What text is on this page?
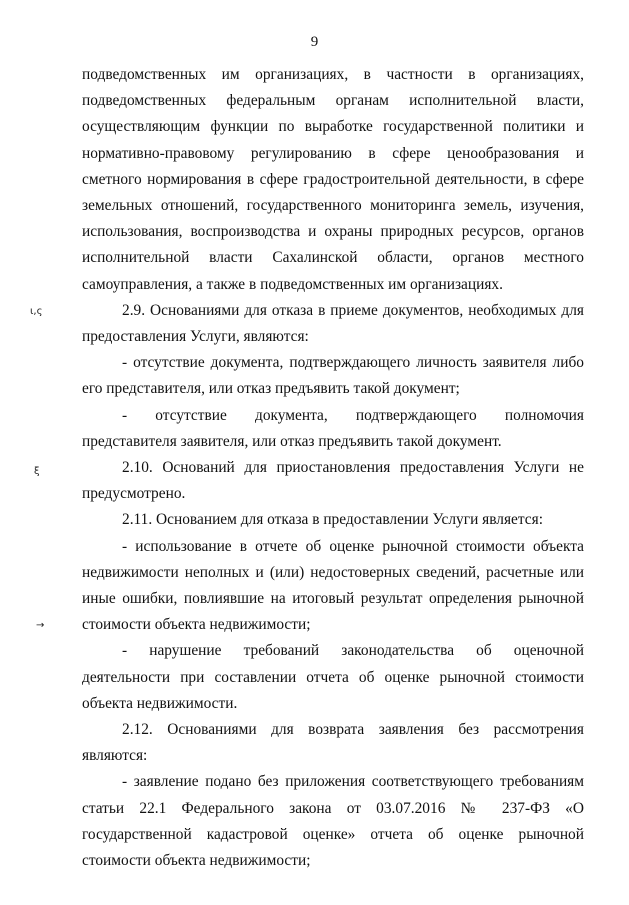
9
ι,ς
ξ
→

подведомственных им организациях, в частности в организациях, подведомственных федеральным органам исполнительной власти, осуществляющим функции по выработке государственной политики и нормативно-правовому регулированию в сфере ценообразования и сметного нормирования в сфере градостроительной деятельности, в сфере земельных отношений, государственного мониторинга земель, изучения, использования, воспроизводства и охраны природных ресурсов, органов исполнительной власти Сахалинской области, органов местного самоуправления, а также в подведомственных им организациях.

2.9. Основаниями для отказа в приеме документов, необходимых для предоставления Услуги, являются:

- отсутствие документа, подтверждающего личность заявителя либо его представителя, или отказ предъявить такой документ;

- отсутствие документа, подтверждающего полномочия представителя заявителя, или отказ предъявить такой документ.

2.10. Оснований для приостановления предоставления Услуги не предусмотрено.

2.11. Основанием для отказа в предоставлении Услуги является:

- использование в отчете об оценке рыночной стоимости объекта недвижимости неполных и (или) недостоверных сведений, расчетные или иные ошибки, повлиявшие на итоговый результат определения рыночной стоимости объекта недвижимости;

- нарушение требований законодательства об оценочной деятельности при составлении отчета об оценке рыночной стоимости объекта недвижимости.

2.12. Основаниями для возврата заявления без рассмотрения являются:

- заявление подано без приложения соответствующего требованиям статьи 22.1 Федерального закона от 03.07.2016 № 237-ФЗ «О государственной кадастровой оценке» отчета об оценке рыночной стоимости объекта недвижимости;
